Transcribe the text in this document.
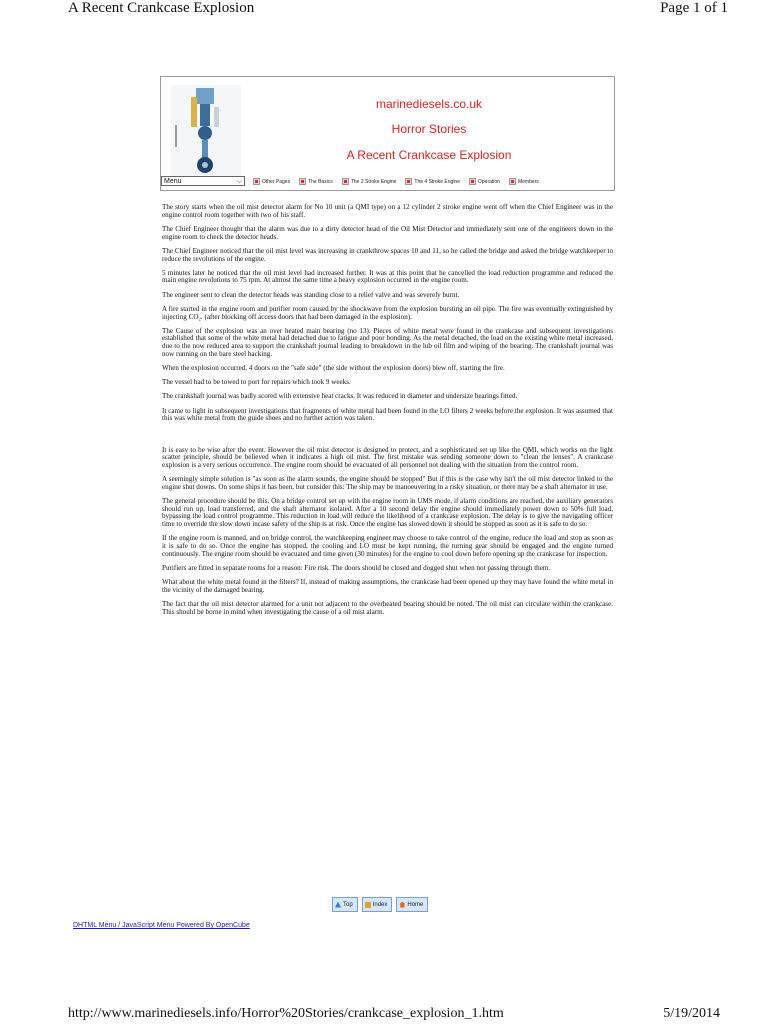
A Recent Crankcase Explosion	Page 1 of 1
marinediesels.co.uk
Horror Stories
A Recent Crankcase Explosion
Menu	⌵	Other Pages	The Basics	The 2 Stroke Engine	The 4 Stroke Engine	Operation	Members

The story starts when the oil mist detector alarm for No 10 unit (a QMI type) on a 12 cylinder 2 stroke engine went off when the Chief Engineer was in the engine control room together with two of his staff.

The Chief Engineer thought that the alarm was due to a dirty detector head of the Oil Mist Detector and immediately sent one of the engineers down in the engine room to check the detector heads.

The Chief Engineer noticed that the oil mist level was increasing in crankthrow spaces 10 and 11, so he called the bridge and asked the bridge watchkeeper to reduce the revolutions of the engine.

5 minutes later he noticed that the oil mist level had increased further. It was at this point that he cancelled the load reduction programme and reduced the main engine revolutions to 75 rpm. At almost the same time a heavy explosion occurred in the engine room.

The engineer sent to clean the detector heads was standing close to a relief valve and was severely burnt.

A fire started in the engine room and purifier room caused by the shockwave from the explosion bursting an oil pipe. The fire was eventually extinguished by injecting CO₂. (after blocking off access doors that had been damaged in the explosion).

The Cause of the explosion was an over heated main bearing (no 13). Pieces of white metal were found in the crankcase and subsequent investigations established that some of the white metal had detached due to fatigue and poor bonding. As the metal detached, the load on the existing white metal increased, due to the now reduced area to support the crankshaft journal leading to breakdown in the lub oil film and wiping of the bearing. The crankshaft journal was now running on the bare steel backing.

When the explosion occurred, 4 doors on the "safe side" (the side without the explosion doors) blew off, starting the fire.

The vessel had to be towed to port for repairs which took 9 weeks.

The crankshaft journal was badly scored with extensive heat cracks. It was reduced in diameter and undersize bearings fitted.

It came to light in subsequent investigations that fragments of white metal had been found in the LO filters 2 weeks before the explosion. It was assumed that this was white metal from the guide shoes and no further action was taken.

It is easy to be wise after the event. However the oil mist detector is designed to protect, and a sophisticated set up like the QMI, which works on the light scatter principle, should be believed when it indicates a high oil mist. The first mistake was sending someone down to "clean the lenses". A crankcase explosion is a very serious occurrence. The engine room should be evacuated of all personnel not dealing with the situation from the control room.

A seemingly simple solution is "as soon as the alarm sounds, the engine should be stopped" But if this is the case why isn't the oil mist detector linked to the engine shut downs. On some ships it has been, but consider this: The ship may be manoeuvering in a risky situation, or there may be a shaft alternator in use.

The general procedure should be this. On a bridge control set up with the engine room in UMS mode, if alarm conditions are reached, the auxiliary generators should run up, load transferred, and the shaft alternator isolated. After a 10 second delay the engine should immediately power down to 50% full load, bypassing the load control programme. This reduction in load will reduce the likelihood of a crankcase explosion. The delay is to give the navigating officer time to override the slow down incase safety of the ship is at risk. Once the engine has slowed down it should be stopped as soon as it is safe to do so.

If the engine room is manned, and on bridge control, the watchkeeping engineer may choose to take control of the engine, reduce the load and stop as soon as it is safe to do so. Once the engine has stopped, the cooling and LO must be kept running, the turning gear should be engaged and the engine turned continuously. The engine room should be evacuated and time given (30 minutes) for the engine to cool down before opening up the crankcase for inspection.

Purifiers are fitted in separate rooms for a reason: Fire risk. The doors should be closed and dogged shut when not passing through them.

What about the white metal found in the filters? If, instead of making assumptions, the crankcase had been opened up they may have found the white metal in the vicinity of the damaged bearing.

The fact that the oil mist detector alarmed for a unit not adjacent to the overheated bearing should be noted. The oil mist can circulate within the crankcase. This should be borne in mind when investigating the cause of a oil mist alarm.

Top	Index	Home
DHTML Menu / JavaScript Menu Powered By OpenCube
http://www.marinediesels.info/Horror%20Stories/crankcase_explosion_1.htm	5/19/2014
